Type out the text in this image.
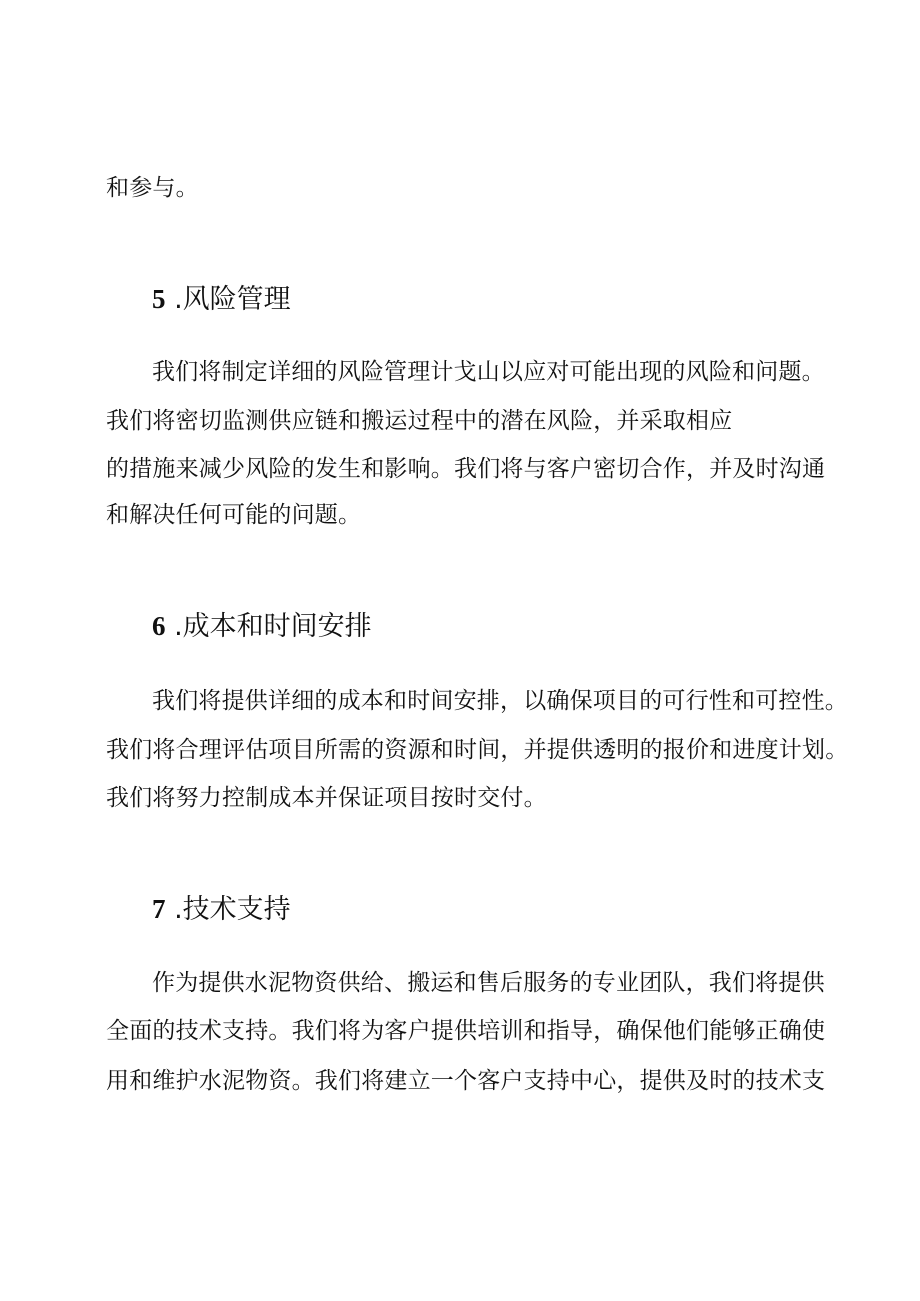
和参与。
5 .风险管理
我们将制定详细的风险管理计戈山以应对可能出现的风险和问题。
我们将密切监测供应链和搬运过程中的潜在风险，并采取相应
的措施来减少风险的发生和影响。我们将与客户密切合作，并及时沟通
和解决任何可能的问题。
6 .成本和时间安排
我们将提供详细的成本和时间安排，以确保项目的可行性和可控性。
我们将合理评估项目所需的资源和时间，并提供透明的报价和进度计划。
我们将努力控制成本并保证项目按时交付。
7 .技术支持
作为提供水泥物资供给、搬运和售后服务的专业团队，我们将提供
全面的技术支持。我们将为客户提供培训和指导，确保他们能够正确使
用和维护水泥物资。我们将建立一个客户支持中心，提供及时的技术支
